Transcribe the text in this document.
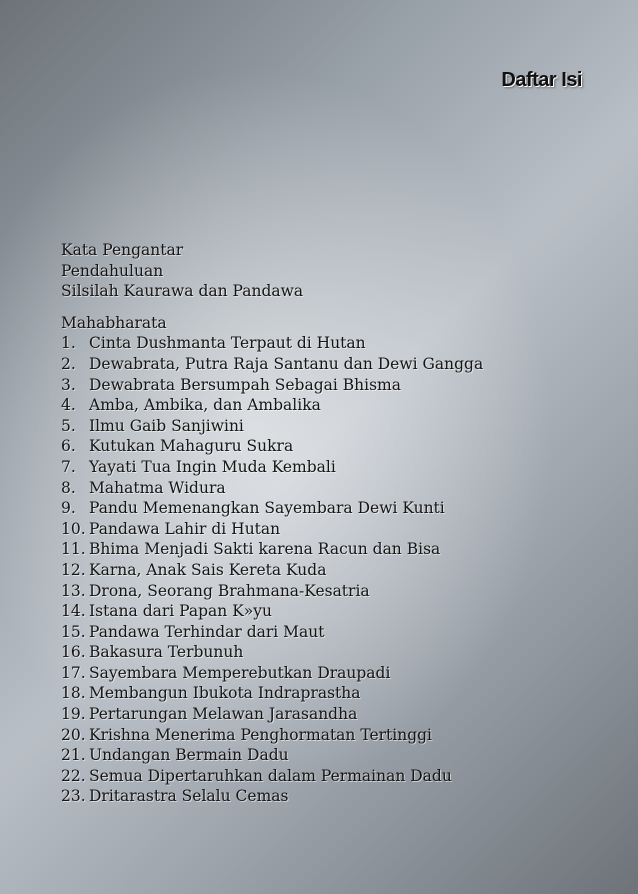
Daftar Isi
Kata Pengantar
Pendahuluan
Silsilah Kaurawa dan Pandawa
Mahabharata
1. Cinta Dushmanta Terpaut di Hutan
2. Dewabrata, Putra Raja Santanu dan Dewi Gangga
3. Dewabrata Bersumpah Sebagai Bhisma
4. Amba, Ambika, dan Ambalika
5. Ilmu Gaib Sanjiwini
6. Kutukan Mahaguru Sukra
7. Yayati Tua Ingin Muda Kembali
8. Mahatma Widura
9. Pandu Memenangkan Sayembara Dewi Kunti
10. Pandawa Lahir di Hutan
11. Bhima Menjadi Sakti karena Racun dan Bisa
12. Karna, Anak Sais Kereta Kuda
13. Drona, Seorang Brahmana-Kesatria
14. Istana dari Papan K»yu
15. Pandawa Terhindar dari Maut
16. Bakasura Terbunuh
17. Sayembara Memperebutkan Draupadi
18. Membangun Ibukota Indraprastha
19. Pertarungan Melawan Jarasandha
20. Krishna Menerima Penghormatan Tertinggi
21. Undangan Bermain Dadu
22. Semua Dipertaruhkan dalam Permainan Dadu
23. Dritarastra Selalu Cemas
